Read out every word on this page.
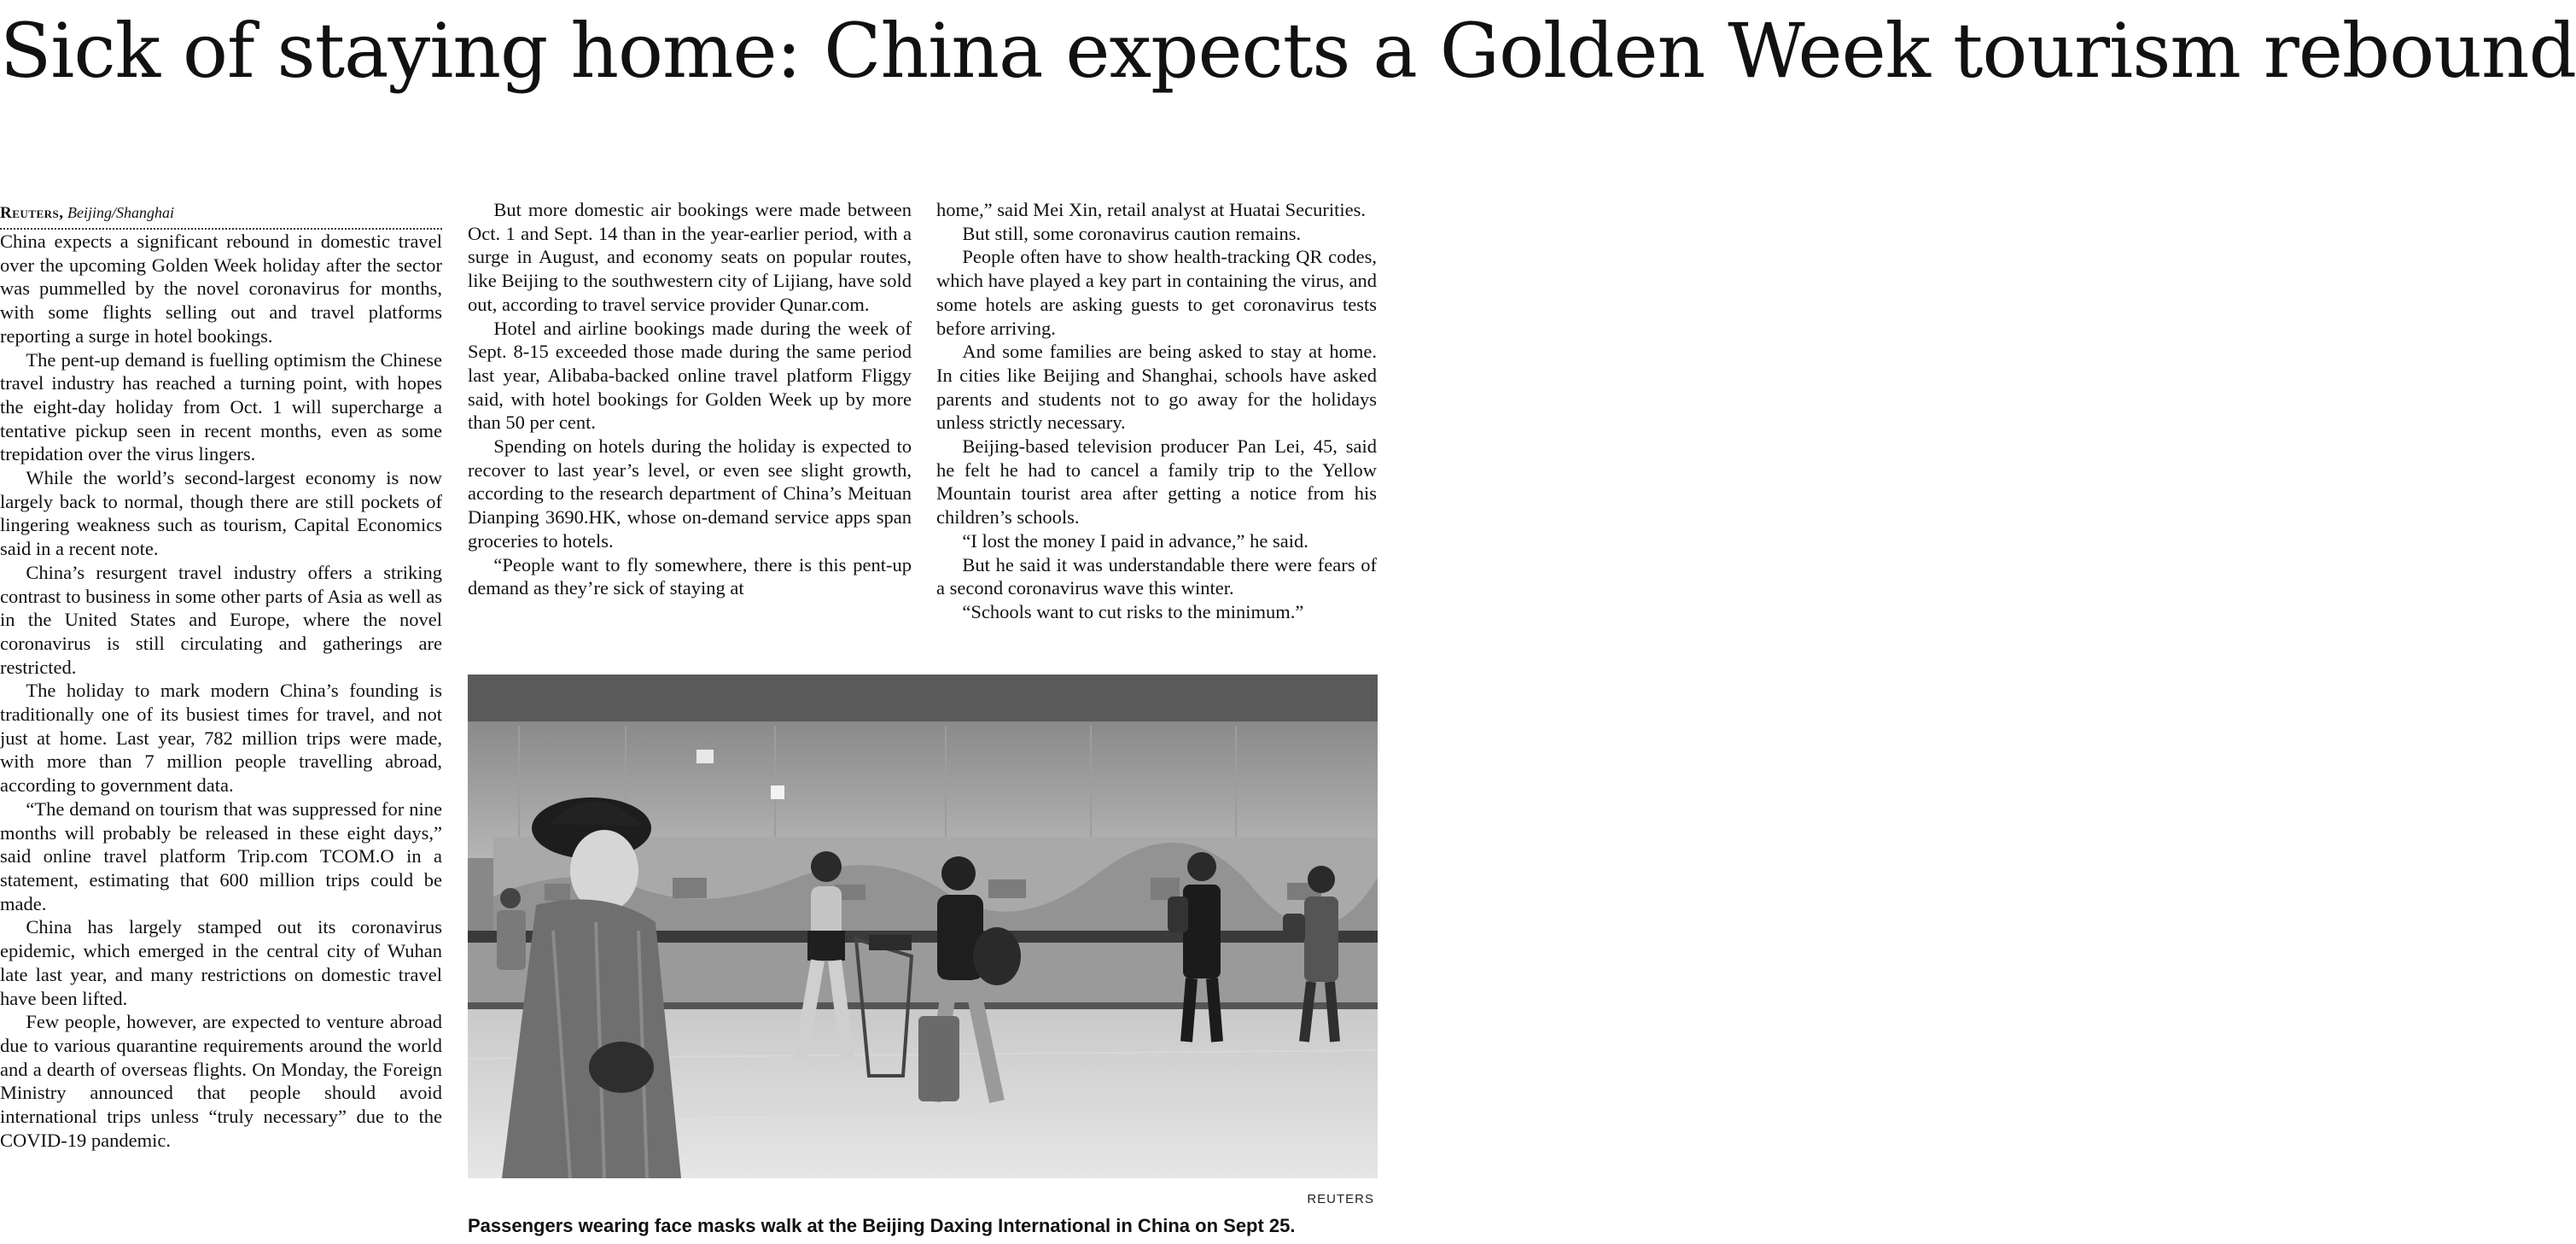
Sick of staying home: China expects a Golden Week tourism rebound

Reuters, Beijing/Shanghai

China expects a significant rebound in domestic travel over the upcoming Golden Week holiday after the sector was pummelled by the novel coronavirus for months, with some flights selling out and travel platforms reporting a surge in hotel bookings.

The pent-up demand is fuelling optimism the Chinese travel industry has reached a turning point, with hopes the eight-day holiday from Oct. 1 will supercharge a tentative pickup seen in recent months, even as some trepidation over the virus lingers.

While the world’s second-largest economy is now largely back to normal, though there are still pockets of lingering weakness such as tourism, Capital Economics said in a recent note.

China’s resurgent travel industry offers a striking contrast to business in some other parts of Asia as well as in the United States and Europe, where the novel coronavirus is still circulating and gatherings are restricted.

The holiday to mark modern China’s founding is traditionally one of its busiest times for travel, and not just at home. Last year, 782 million trips were made, with more than 7 million people travelling abroad, according to government data.

“The demand on tourism that was suppressed for nine months will probably be released in these eight days,” said online travel platform Trip.com TCOM.O in a statement, estimating that 600 million trips could be made.

China has largely stamped out its coronavirus epidemic, which emerged in the central city of Wuhan late last year, and many restrictions on domestic travel have been lifted.

Few people, however, are expected to venture abroad due to various quarantine requirements around the world and a dearth of overseas flights. On Monday, the Foreign Ministry announced that people should avoid international trips unless “truly necessary” due to the COVID-19 pandemic.

But more domestic air bookings were made between Oct. 1 and Sept. 14 than in the year-earlier period, with a surge in August, and economy seats on popular routes, like Beijing to the southwestern city of Lijiang, have sold out, according to travel service provider Qunar.com.

Hotel and airline bookings made during the week of Sept. 8-15 exceeded those made during the same period last year, Alibaba-backed online travel platform Fliggy said, with hotel bookings for Golden Week up by more than 50 per cent.

Spending on hotels during the holiday is expected to recover to last year’s level, or even see slight growth, according to the research department of China’s Meituan Dianping 3690.HK, whose on-demand service apps span groceries to hotels.

“People want to fly somewhere, there is this pent-up demand as they’re sick of staying at

home,” said Mei Xin, retail analyst at Huatai Securities.

But still, some coronavirus caution remains.

People often have to show health-tracking QR codes, which have played a key part in containing the virus, and some hotels are asking guests to get coronavirus tests before arriving.

And some families are being asked to stay at home. In cities like Beijing and Shanghai, schools have asked parents and students not to go away for the holidays unless strictly necessary.

Beijing-based television producer Pan Lei, 45, said he felt he had to cancel a family trip to the Yellow Mountain tourist area after getting a notice from his children’s schools.

“I lost the money I paid in advance,” he said.

But he said it was understandable there were fears of a second coronavirus wave this winter.

“Schools want to cut risks to the minimum.”

REUTERS
Passengers wearing face masks walk at the Beijing Daxing International in China on Sept 25.
